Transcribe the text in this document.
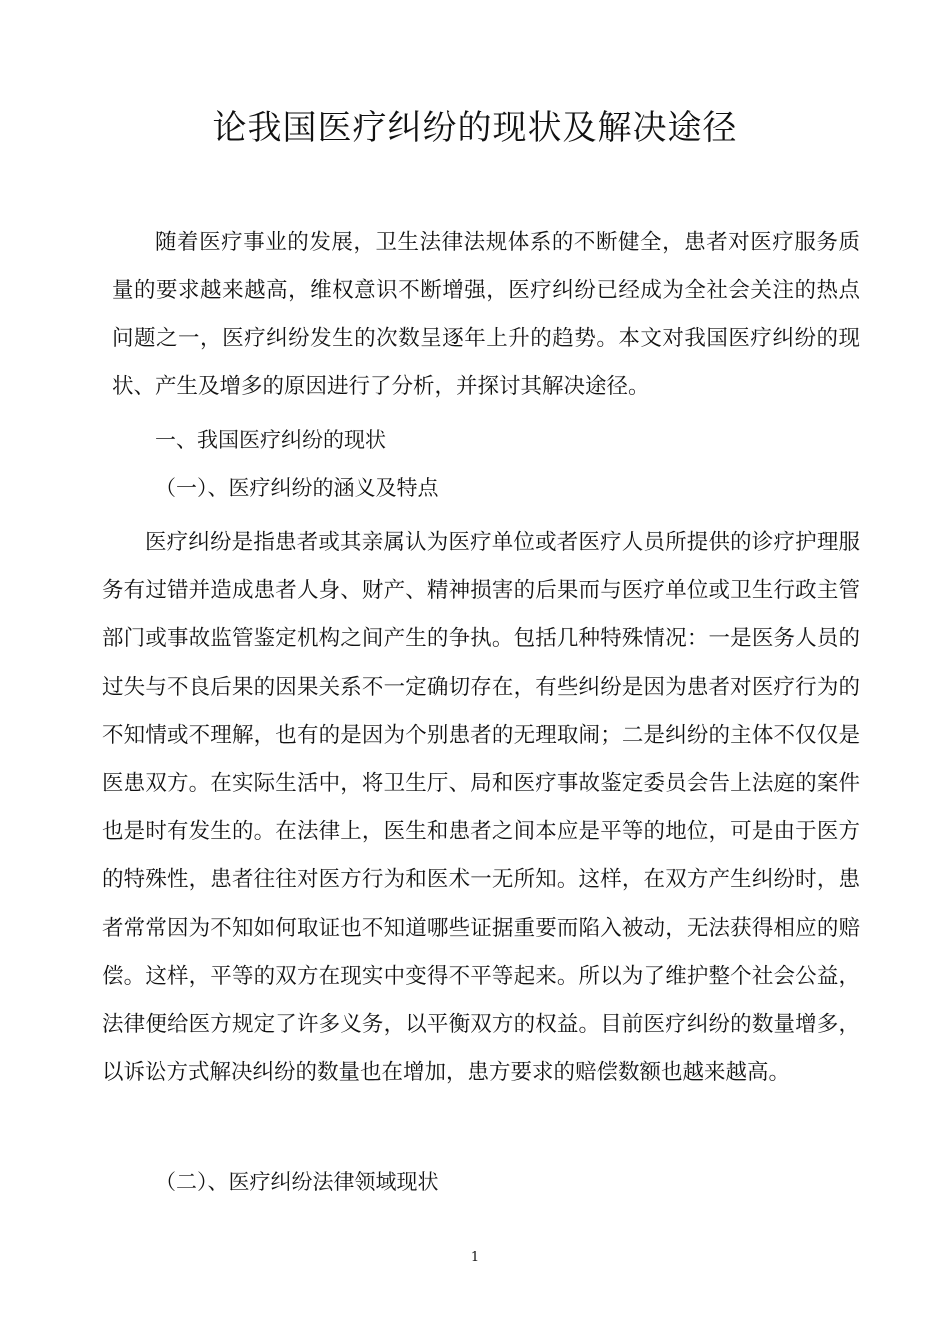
论我国医疗纠纷的现状及解决途径

随着医疗事业的发展，卫生法律法规体系的不断健全，患者对医疗服务质量的要求越来越高，维权意识不断增强，医疗纠纷已经成为全社会关注的热点问题之一，医疗纠纷发生的次数呈逐年上升的趋势。本文对我国医疗纠纷的现状、产生及增多的原因进行了分析，并探讨其解决途径。

一、我国医疗纠纷的现状

（一）、医疗纠纷的涵义及特点

医疗纠纷是指患者或其亲属认为医疗单位或者医疗人员所提供的诊疗护理服务有过错并造成患者人身、财产、精神损害的后果而与医疗单位或卫生行政主管部门或事故监管鉴定机构之间产生的争执。包括几种特殊情况：一是医务人员的过失与不良后果的因果关系不一定确切存在，有些纠纷是因为患者对医疗行为的不知情或不理解，也有的是因为个别患者的无理取闹；二是纠纷的主体不仅仅是医患双方。在实际生活中，将卫生厅、局和医疗事故鉴定委员会告上法庭的案件也是时有发生的。在法律上，医生和患者之间本应是平等的地位，可是由于医方的特殊性，患者往往对医方行为和医术一无所知。这样，在双方产生纠纷时，患者常常因为不知如何取证也不知道哪些证据重要而陷入被动，无法获得相应的赔偿。这样，平等的双方在现实中变得不平等起来。所以为了维护整个社会公益，法律便给医方规定了许多义务，以平衡双方的权益。目前医疗纠纷的数量增多，以诉讼方式解决纠纷的数量也在增加，患方要求的赔偿数额也越来越高。

（二）、医疗纠纷法律领域现状

1
